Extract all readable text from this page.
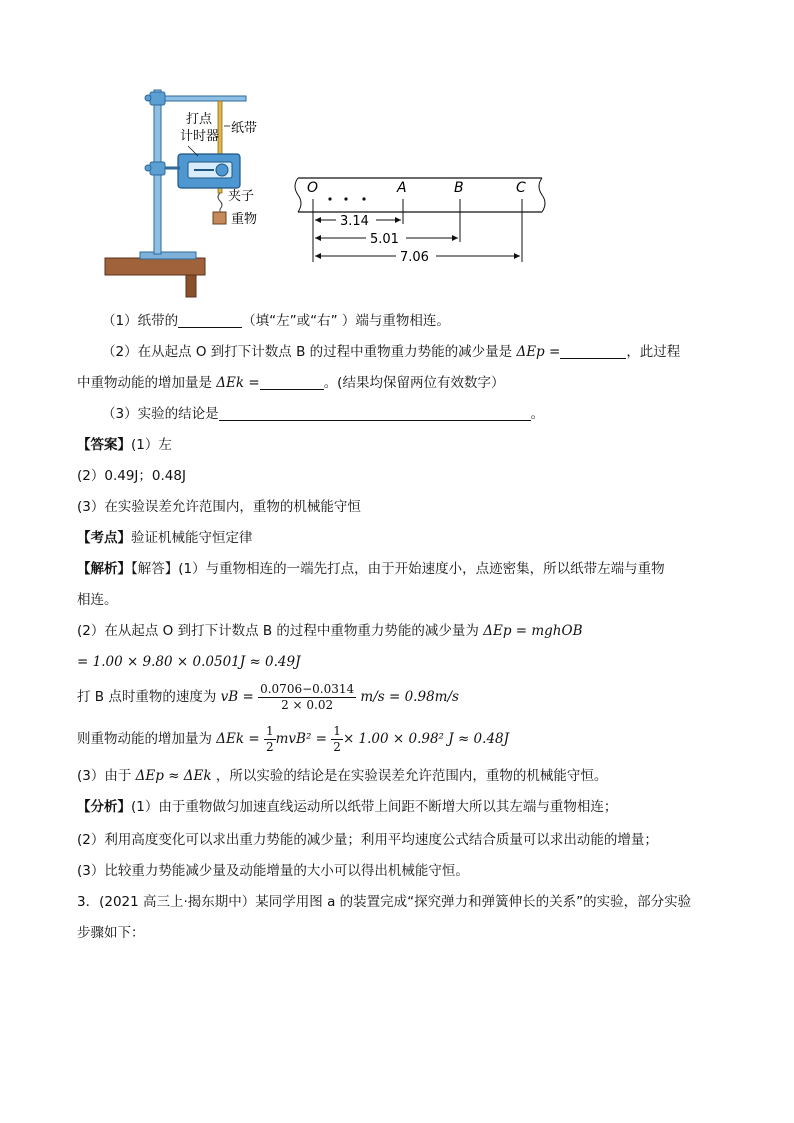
打点
计时器
纸带
夹子
重物
O	A	B	C
3.14
5.01
7.06
（1）纸带的	（填“左”或“右” ）端与重物相连。
（2）在从起点 O 到打下计数点 B 的过程中重物重力势能的减少量是 ΔEp =	，此过程
中重物动能的增加量是 ΔEk =	。(结果均保留两位有效数字）
（3）实验的结论是	。
【答案】(1）左
(2）0.49J；0.48J
(3）在实验误差允许范围内，重物的机械能守恒
【考点】验证机械能守恒定律
【解析】【解答】(1）与重物相连的一端先打点，由于开始速度小，点迹密集，所以纸带左端与重物
相连。
(2）在从起点 O 到打下计数点 B 的过程中重物重力势能的减少量为 ΔEp = mghOB
= 1.00 × 9.80 × 0.0501J ≈ 0.49J
打 B 点时重物的速度为 vB = $\frac{0.0706-0.0314}{2 \times 0.02} m/s = 0.98m/s$
则重物动能的增加量为 $\Delta Ek = \frac{1}{2} mvB^2 = \frac{1}{2} \times 1.00 \times 0.98^2$ J ≈ 0.48J
(3）由于 ΔEp ≈ ΔEk ，所以实验的结论是在实验误差允许范围内，重物的机械能守恒。
【分析】(1）由于重物做匀加速直线运动所以纸带上间距不断增大所以其左端与重物相连；
(2）利用高度变化可以求出重力势能的减少量；利用平均速度公式结合质量可以求出动能的增量；
(3）比较重力势能减少量及动能增量的大小可以得出机械能守恒。
3．(2021 高三上·揭东期中）某同学用图 a 的装置完成“探究弹力和弹簧伸长的关系”的实验，部分实验
步骤如下：
